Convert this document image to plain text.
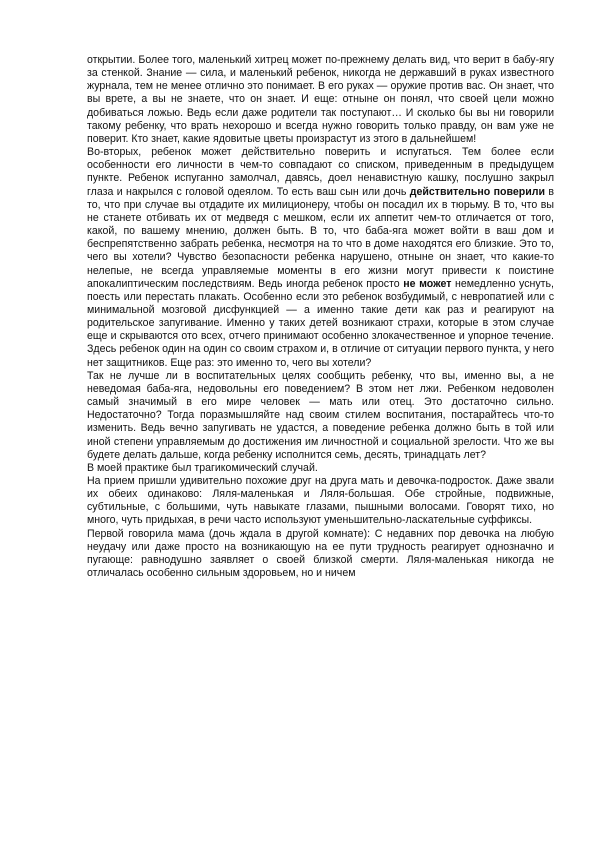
открытии. Более того, маленький хитрец может по-прежнему делать вид, что верит в бабу-ягу за стенкой. Знание — сила, и маленький ребенок, никогда не державший в руках известного журнала, тем не менее отлично это понимает. В его руках — оружие против вас. Он знает, что вы врете, а вы не знаете, что он знает. И еще: отныне он понял, что своей цели можно добиваться ложью. Ведь если даже родители так поступают… И сколько бы вы ни говорили такому ребенку, что врать нехорошо и всегда нужно говорить только правду, он вам уже не поверит. Кто знает, какие ядовитые цветы произрастут из этого в дальнейшем!

Во-вторых, ребенок может действительно поверить и испугаться. Тем более если особенности его личности в чем-то совпадают со списком, приведенным в предыдущем пункте. Ребенок испуганно замолчал, давясь, доел ненавистную кашку, послушно закрыл глаза и накрылся с головой одеялом. То есть ваш сын или дочь действительно поверили в то, что при случае вы отдадите их милиционеру, чтобы он посадил их в тюрьму. В то, что вы не станете отбивать их от медведя с мешком, если их аппетит чем-то отличается от того, какой, по вашему мнению, должен быть. В то, что баба-яга может войти в ваш дом и беспрепятственно забрать ребенка, несмотря на то что в доме находятся его близкие. Это то, чего вы хотели? Чувство безопасности ребенка нарушено, отныне он знает, что какие-то нелепые, не всегда управляемые моменты в его жизни могут привести к поистине апокалиптическим последствиям. Ведь иногда ребенок просто не может немедленно уснуть, поесть или перестать плакать. Особенно если это ребенок возбудимый, с невропатией или с минимальной мозговой дисфункцией — а именно такие дети как раз и реагируют на родительское запугивание. Именно у таких детей возникают страхи, которые в этом случае еще и скрываются ото всех, отчего принимают особенно злокачественное и упорное течение. Здесь ребенок один на один со своим страхом и, в отличие от ситуации первого пункта, у него нет защитников. Еще раз: это именно то, чего вы хотели?

Так не лучше ли в воспитательных целях сообщить ребенку, что вы, именно вы, а не неведомая баба-яга, недовольны его поведением? В этом нет лжи. Ребенком недоволен самый значимый в его мире человек — мать или отец. Это достаточно сильно. Недостаточно? Тогда поразмышляйте над своим стилем воспитания, постарайтесь что-то изменить. Ведь вечно запугивать не удастся, а поведение ребенка должно быть в той или иной степени управляемым до достижения им личностной и социальной зрелости. Что же вы будете делать дальше, когда ребенку исполнится семь, десять, тринадцать лет?

В моей практике был трагикомический случай.

На прием пришли удивительно похожие друг на друга мать и девочка-подросток. Даже звали их обеих одинаково: Ляля-маленькая и Ляля-большая. Обе стройные, подвижные, субтильные, с большими, чуть навыкате глазами, пышными волосами. Говорят тихо, но много, чуть придыхая, в речи часто используют уменьшительно-ласкательные суффиксы.

Первой говорила мама (дочь ждала в другой комнате): С недавних пор девочка на любую неудачу или даже просто на возникающую на ее пути трудность реагирует однозначно и пугающе: равнодушно заявляет о своей близкой смерти. Ляля-маленькая никогда не отличалась особенно сильным здоровьем, но и ничем
